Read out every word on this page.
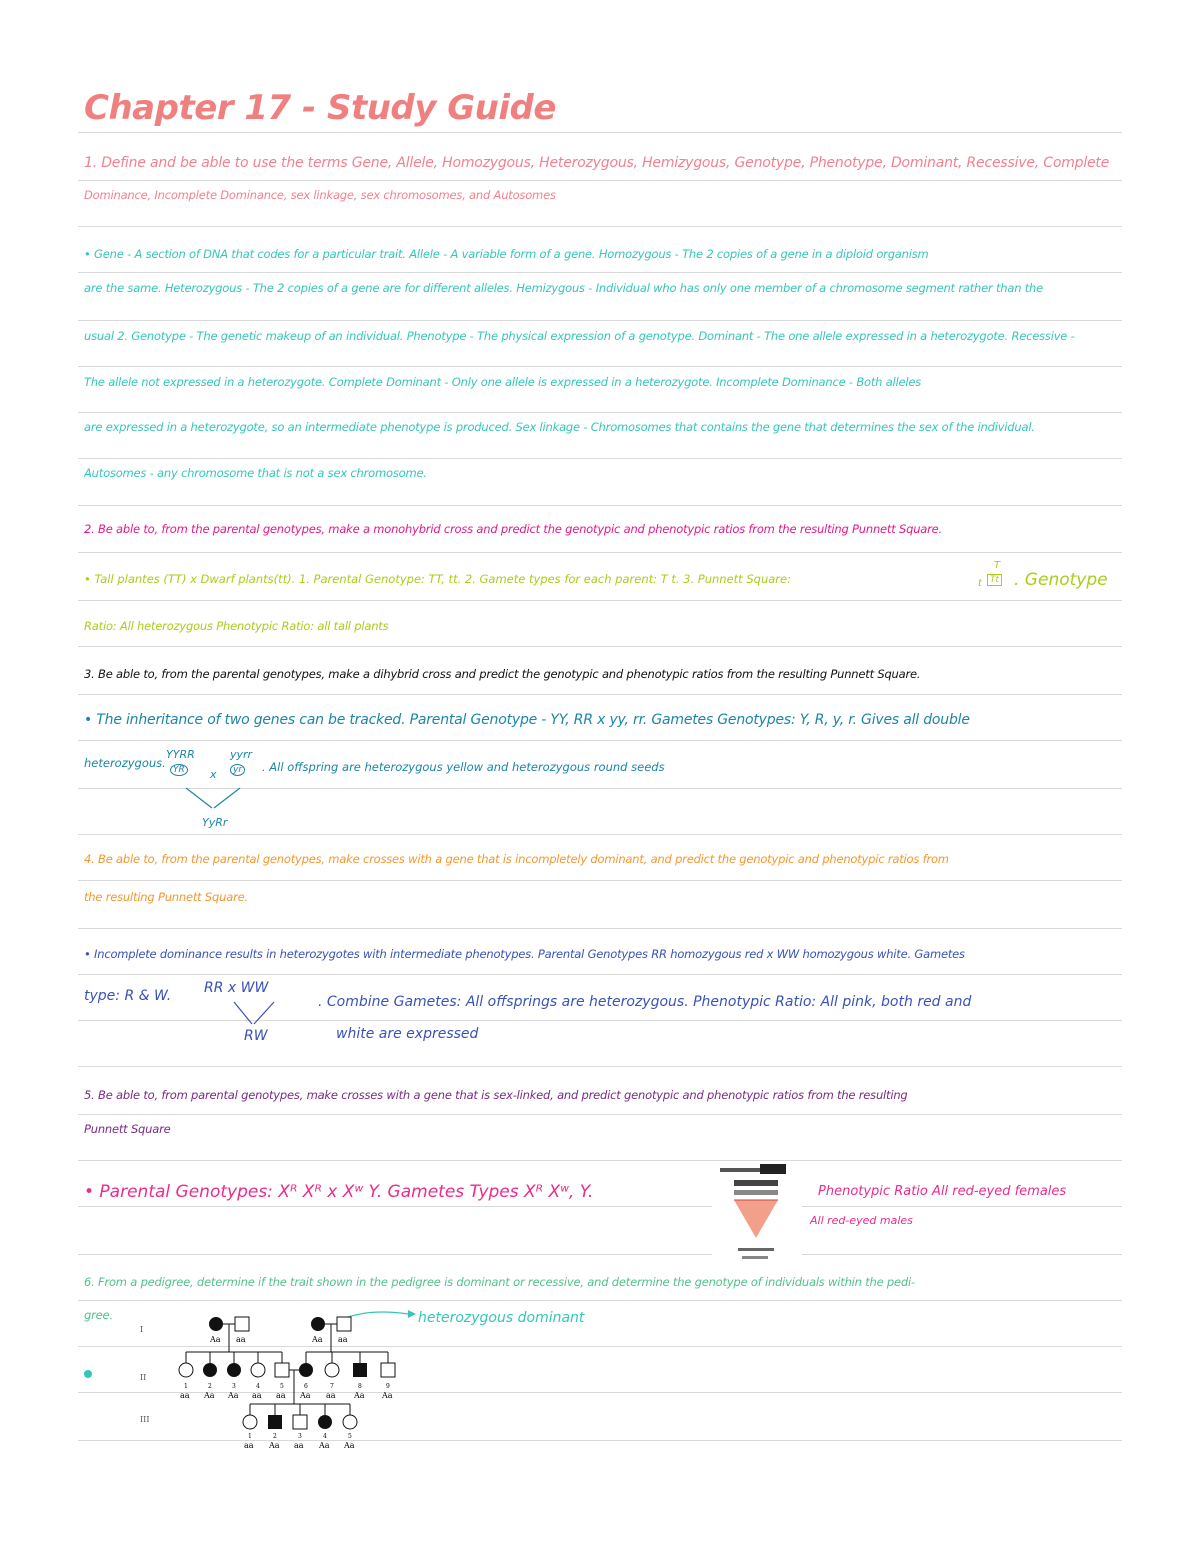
Chapter 17 - Study Guide
1. Define and be able to use the terms Gene, Allele, Homozygous, Heterozygous, Hemizygous, Genotype, Phenotype, Dominant, Recessive, Complete
Dominance, Incomplete Dominance, sex linkage, sex chromosomes, and Autosomes
• Gene - A section of DNA that codes for a particular trait. Allele - A variable form of a gene. Homozygous - The 2 copies of a gene in a diploid organism
are the same. Heterozygous - The 2 copies of a gene are for different alleles. Hemizygous - Individual who has only one member of a chromosome segment rather than the
usual 2. Genotype - The genetic makeup of an individual. Phenotype - The physical expression of a genotype. Dominant - The one allele expressed in a heterozygote. Recessive -
The allele not expressed in a heterozygote. Complete Dominant - Only one allele is expressed in a heterozygote. Incomplete Dominance - Both alleles
are expressed in a heterozygote, so an intermediate phenotype is produced. Sex linkage - Chromosomes that contains the gene that determines the sex of the individual.
Autosomes - any chromosome that is not a sex chromosome.
2. Be able to, from the parental genotypes, make a monohybrid cross and predict the genotypic and phenotypic ratios from the resulting Punnett Square.
• Tall plantes (TT) x Dwarf plants(tt). 1. Parental Genotype: TT, tt. 2. Gamete types for each parent: T t. 3. Punnett Square:
T
t Tt . Genotype
Ratio: All heterozygous Phenotypic Ratio: all tall plants
3. Be able to, from the parental genotypes, make a dihybrid cross and predict the genotypic and phenotypic ratios from the resulting Punnett Square.
• The inheritance of two genes can be tracked. Parental Genotype - YY, RR x yy, rr. Gametes Genotypes: Y, R, y, r. Gives all double
heterozygous.
YYRR
YR x
yyrr
yr
YyRr
. All offspring are heterozygous yellow and heterozygous round seeds
4. Be able to, from the parental genotypes, make crosses with a gene that is incompletely dominant, and predict the genotypic and phenotypic ratios from
the resulting Punnett Square.
• Incomplete dominance results in heterozygotes with intermediate phenotypes. Parental Genotypes RR homozygous red x WW homozygous white. Gametes
type: R & W. RR x WW
RW
. Combine Gametes: All offsprings are heterozygous. Phenotypic Ratio: All pink, both red and
white are expressed
5. Be able to, from parental genotypes, make crosses with a gene that is sex-linked, and predict genotypic and phenotypic ratios from the resulting
Punnett Square
• Parental Genotypes: Xᴿ Xᴿ x Xʷ Y. Gametes Types Xᴿ Xʷ, Y.	Phenotypic Ratio All red-eyed females
All red-eyed males
6. From a pedigree, determine if the trait shown in the pedigree is dominant or recessive, and determine the genotype of individuals within the pedi-
gree.	heterozygous dominant
I
II
III
Aa aa	Aa aa
1	2	3	4	5	6	7	8	9
aa Aa Aa aa aa Aa aa Aa Aa
1	2	3	4	5
aa Aa aa Aa Aa
